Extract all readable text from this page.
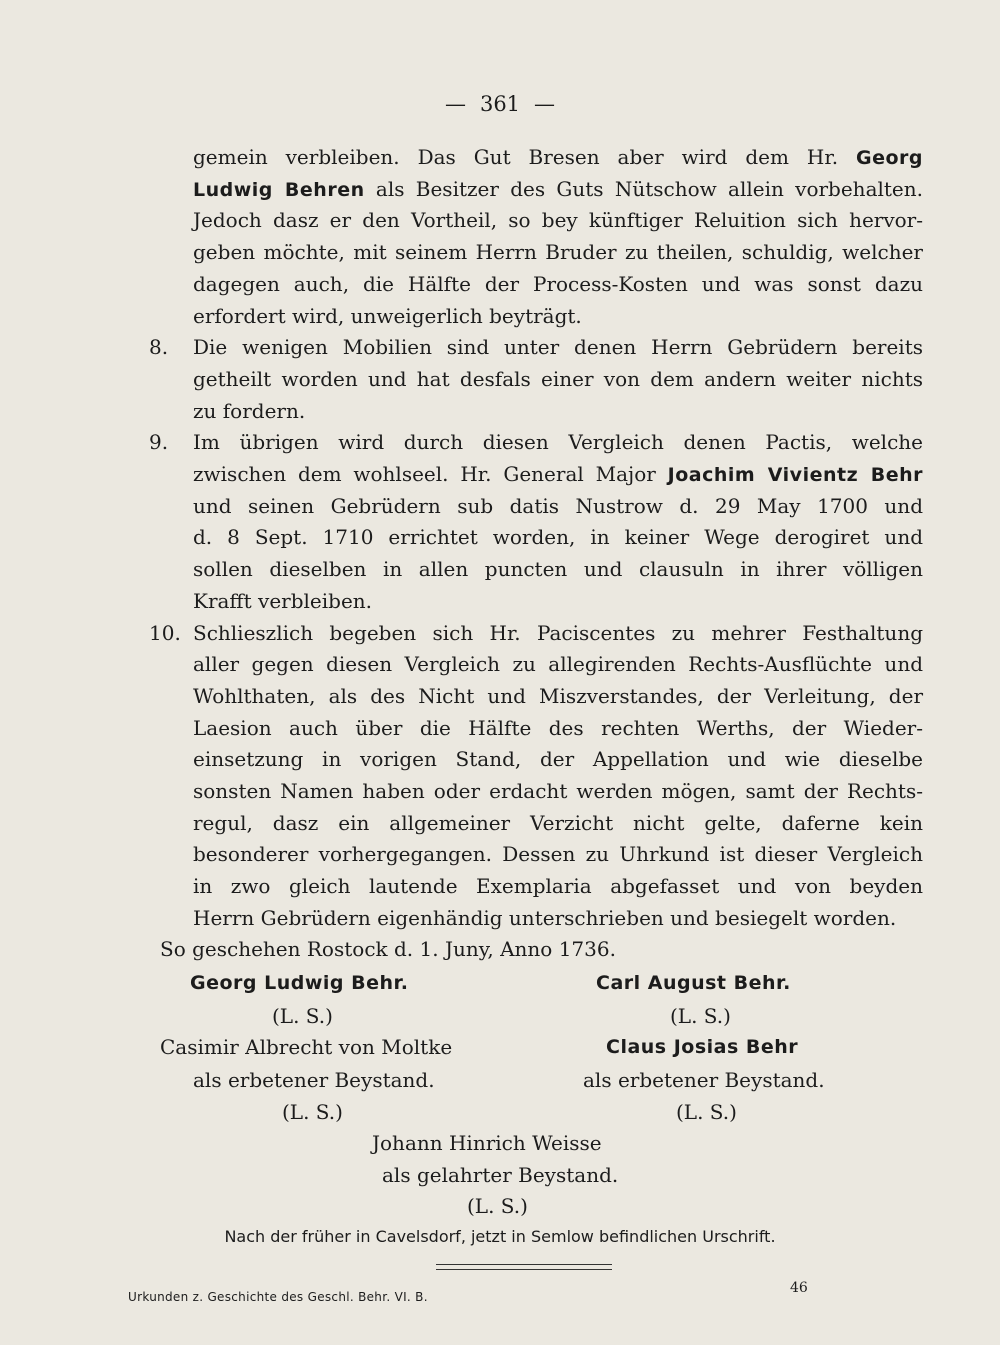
— 361 —
gemein verbleiben. Das Gut Bresen aber wird dem Hr. Georg
Ludwig Behren als Besitzer des Guts Nütschow allein vorbehalten.
Jedoch dasz er den Vortheil, so bey künftiger Reluition sich hervor-
geben möchte, mit seinem Herrn Bruder zu theilen, schuldig, welcher
dagegen auch, die Hälfte der Process-Kosten und was sonst dazu
erfordert wird, unweigerlich beyträgt.
8.	Die wenigen Mobilien sind unter denen Herrn Gebrüdern bereits
getheilt worden und hat desfals einer von dem andern weiter nichts
zu fordern.
9.	Im übrigen wird durch diesen Vergleich denen Pactis, welche
zwischen dem wohlseel. Hr. General Major Joachim Vivientz Behr
und seinen Gebrüdern sub datis Nustrow d. 29 May 1700 und
d. 8 Sept. 1710 errichtet worden, in keiner Wege derogiret und
sollen dieselben in allen puncten und clausuln in ihrer völligen
Krafft verbleiben.
10. Schlieszlich begeben sich Hr. Paciscentes zu mehrer Festhaltung
aller gegen diesen Vergleich zu allegirenden Rechts-Ausflüchte und
Wohlthaten, als des Nicht und Miszverstandes, der Verleitung, der
Laesion auch über die Hälfte des rechten Werths, der Wieder-
einsetzung in vorigen Stand, der Appellation und wie dieselbe
sonsten Namen haben oder erdacht werden mögen, samt der Rechts-
regul, dasz ein allgemeiner Verzicht nicht gelte, daferne kein
besonderer vorhergegangen. Dessen zu Uhrkund ist dieser Vergleich
in zwo gleich lautende Exemplaria abgefasset und von beyden
Herrn Gebrüdern eigenhändig unterschrieben und besiegelt worden.
So geschehen Rostock d. 1. Juny, Anno 1736.
Georg Ludwig Behr.	Carl August Behr.
(L. S.)	(L. S.)
Casimir Albrecht von Moltke	Claus Josias Behr
als erbetener Beystand.	als erbetener Beystand.
(L. S.)	(L. S.)
Johann Hinrich Weisse
als gelahrter Beystand.
(L. S.)
Nach der früher in Cavelsdorf, jetzt in Semlow befindlichen Urschrift.
Urkunden z. Geschichte des Geschl. Behr. VI. B.
46
